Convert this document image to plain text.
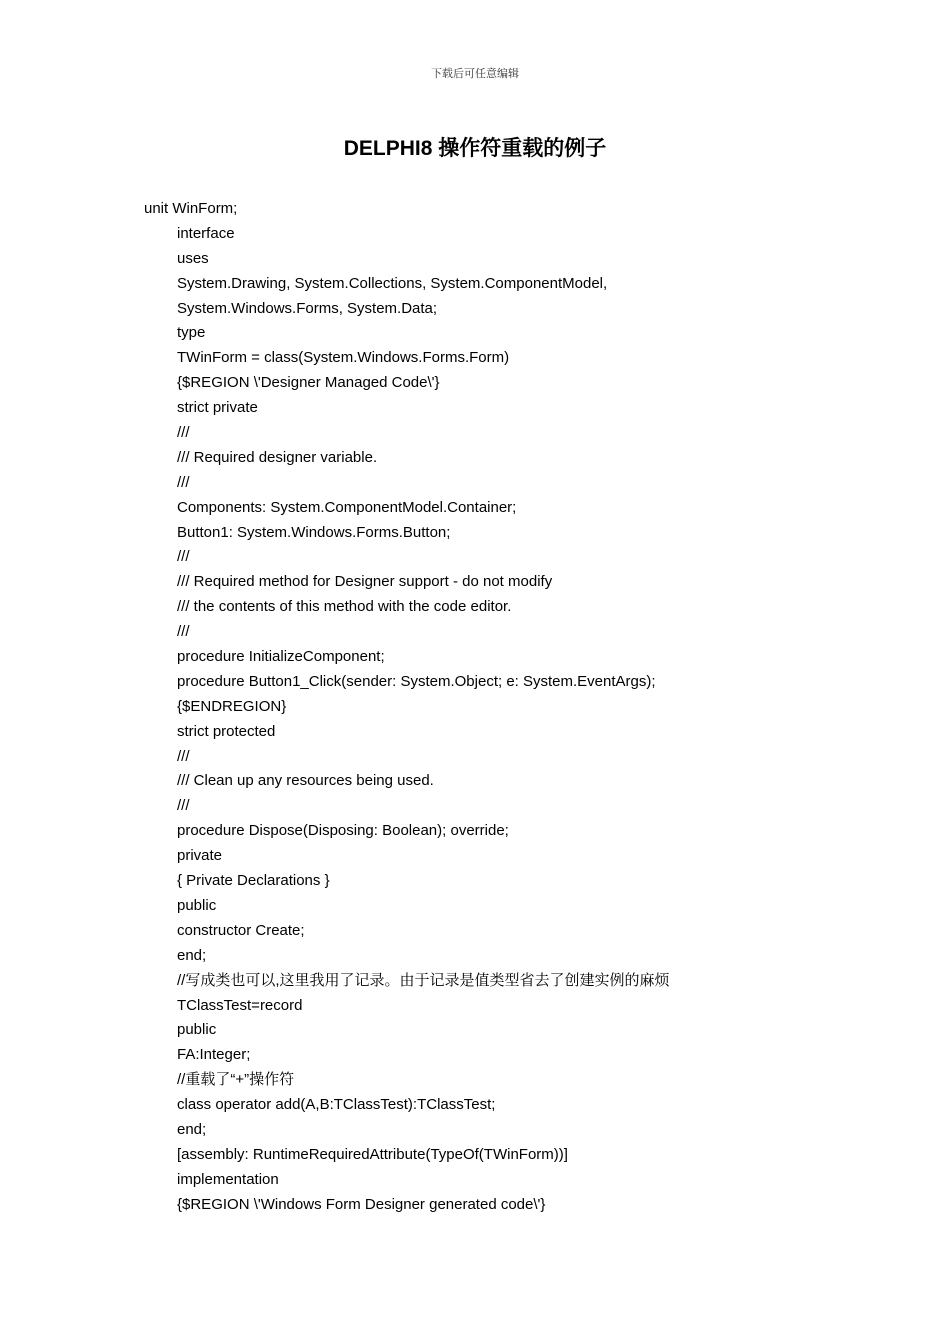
下载后可任意编辑
DELPHI8 操作符重载的例子
unit WinForm;
interface
uses
System.Drawing, System.Collections, System.ComponentModel,
System.Windows.Forms, System.Data;
type
TWinForm = class(System.Windows.Forms.Form)
{$REGION \'Designer Managed Code\'}
strict private
///
/// Required designer variable.
///
Components: System.ComponentModel.Container;
Button1: System.Windows.Forms.Button;
///
/// Required method for Designer support - do not modify
/// the contents of this method with the code editor.
///
procedure InitializeComponent;
procedure Button1_Click(sender: System.Object; e: System.EventArgs);
{$ENDREGION}
strict protected
///
/// Clean up any resources being used.
///
procedure Dispose(Disposing: Boolean); override;
private
{ Private Declarations }
public
constructor Create;
end;
//写成类也可以,这里我用了记录。由于记录是值类型省去了创建实例的麻烦
TClassTest=record
public
FA:Integer;
//重载了“+”操作符
class operator add(A,B:TClassTest):TClassTest;
end;
[assembly: RuntimeRequiredAttribute(TypeOf(TWinForm))]
implementation
{$REGION \'Windows Form Designer generated code\'}
